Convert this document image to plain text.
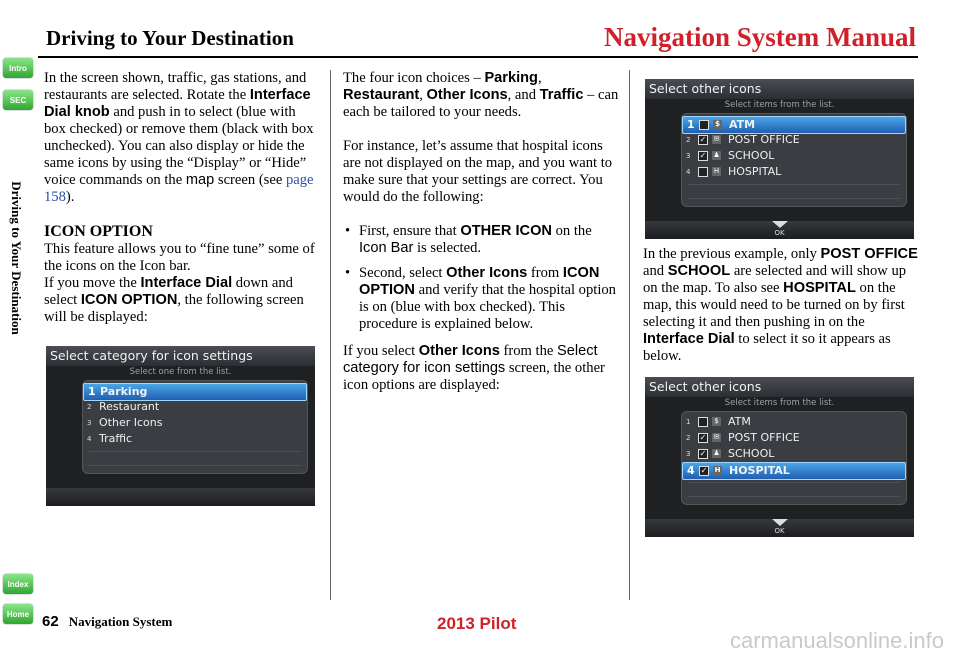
Driving to Your Destination	Navigation System Manual
Intro
SEC
Driving to Your Destination
Index
Home

In the screen shown, traffic, gas stations, and restaurants are selected. Rotate the Interface Dial knob and push in to select (blue with box checked) or remove them (black with box unchecked). You can also display or hide the same icons by using the “Display” or “Hide” voice commands on the map screen (see page 158).

ICON OPTION

This feature allows you to “fine tune” some of the icons on the Icon bar.
If you move the Interface Dial down and select ICON OPTION, the following screen will be displayed:

Select category for icon settings
Select one from the list.
1 Parking
2 Restaurant
3 Other Icons
4 Traffic

The four icon choices – Parking, Restaurant, Other Icons, and Traffic – can each be tailored to your needs.

For instance, let’s assume that hospital icons are not displayed on the map, and you want to make sure that your settings are correct. You would do the following:

• First, ensure that OTHER ICON on the Icon Bar is selected.
• Second, select Other Icons from ICON OPTION and verify that the hospital option is on (blue with box checked). This procedure is explained below.

If you select Other Icons from the Select category for icon settings screen, the other icon options are displayed:

Select other icons
Select items from the list.
1	$ ATM
2 ✓ ✉ POST OFFICE
3 ✓ ♟ SCHOOL
4	H HOSPITAL
OK

In the previous example, only POST OFFICE and SCHOOL are selected and will show up on the map. To also see HOSPITAL on the map, this would need to be turned on by first selecting it and then pushing in on the Interface Dial to select it so it appears as below.

Select other icons
Select items from the list.
1	$ ATM
2 ✓ ✉ POST OFFICE
3 ✓ ♟ SCHOOL
4 ✓ H HOSPITAL
OK
62 Navigation System	2013 Pilot
carmanualsonline.info
